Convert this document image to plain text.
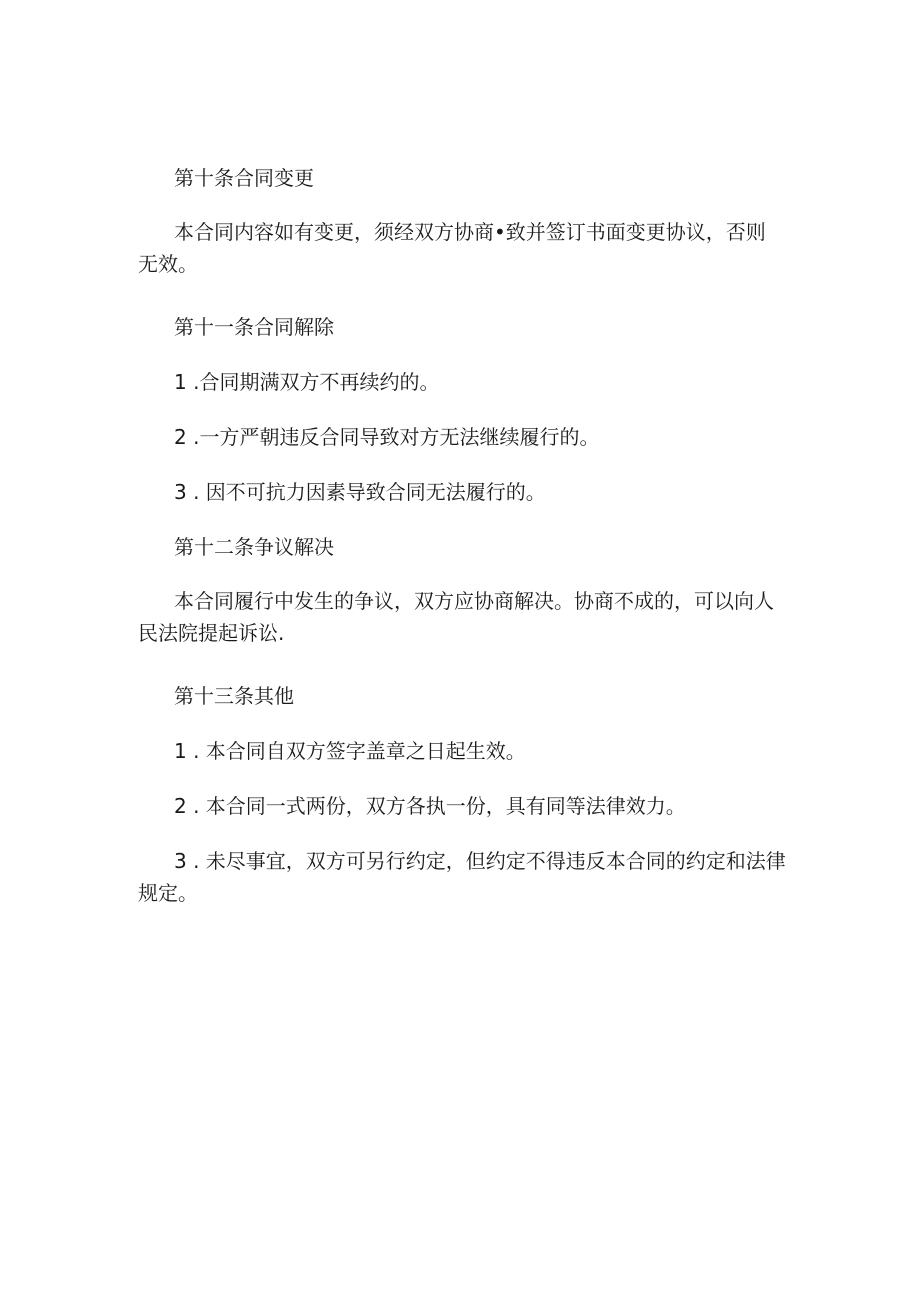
第十条合同变更

本合同内容如有变更，须经双方协商•致并签订书面变更协议，否则
无效。

第十一条合同解除

1 .合同期满双方不再续约的。

2 .一方严朝违反合同导致对方无法继续履行的。

3 . 因不可抗力因素导致合同无法履行的。

第十二条争议解决

本合同履行中发生的争议，双方应协商解决。协商不成的，可以向人
民法院提起诉讼.

第十三条其他

1 . 本合同自双方签字盖章之日起生效。

2 . 本合同一式两份，双方各执一份，具有同等法律效力。

3 . 未尽事宜，双方可另行约定，但约定不得违反本合同的约定和法律
规定。
